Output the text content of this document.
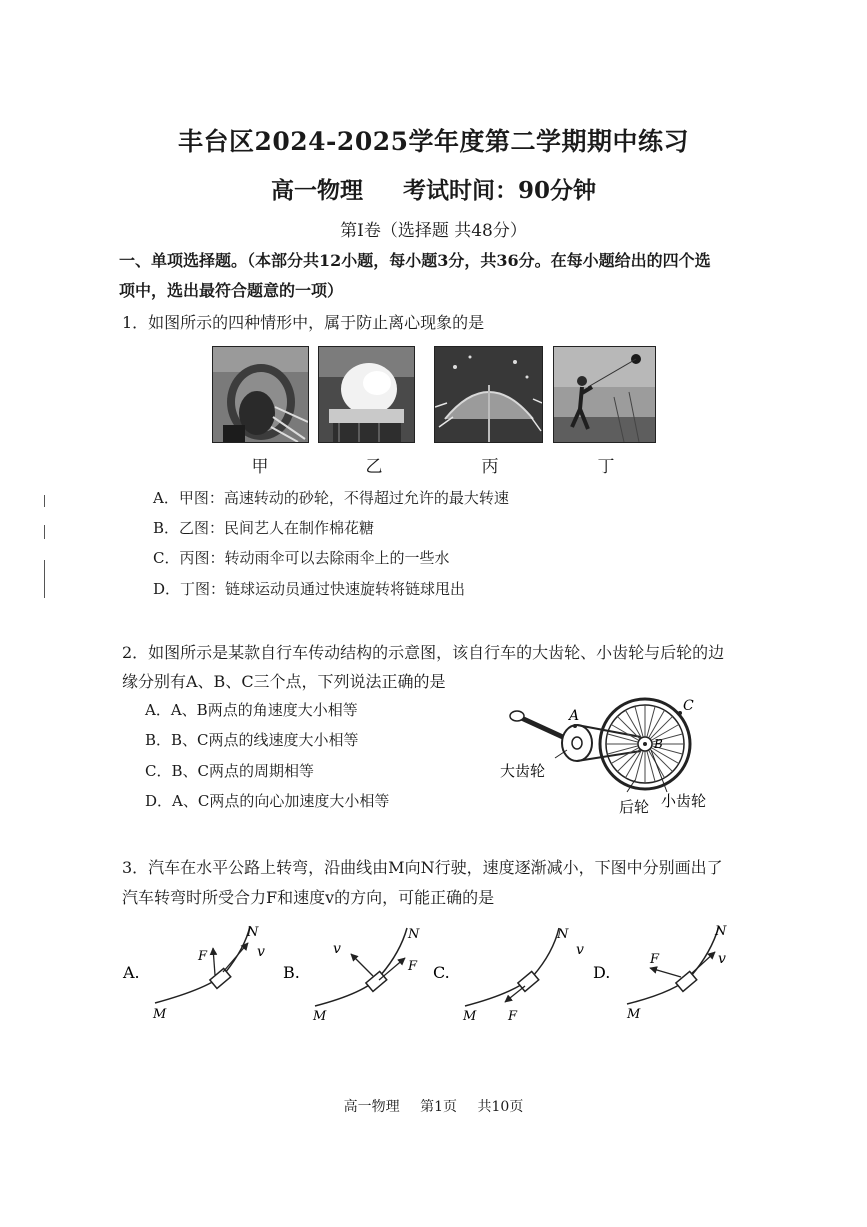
丰台区2024-2025学年度第二学期期中练习
高一物理 考试时间：90分钟
第Ⅰ卷（选择题 共48分）
一、单项选择题。（本部分共12小题，每小题3分，共36分。在每小题给出的四个选
项中，选出最符合题意的一项）
1．如图所示的四种情形中，属于防止离心现象的是
甲	乙	丙	丁
A．甲图：高速转动的砂轮，不得超过允许的最大转速
B．乙图：民间艺人在制作棉花糖
C．丙图：转动雨伞可以去除雨伞上的一些水
D．丁图：链球运动员通过快速旋转将链球甩出
2．如图所示是某款自行车传动结构的示意图，该自行车的大齿轮、小齿轮与后轮的边
缘分别有A、B、C三个点，下列说法正确的是
A．A、B两点的角速度大小相等
B．B、C两点的线速度大小相等
C．B、C两点的周期相等
D．A、C两点的向心加速度大小相等
A
B
C
大齿轮
后轮 小齿轮
3．汽车在水平公路上转弯，沿曲线由M向N行驶，速度逐渐减小，下图中分别画出了
汽车转弯时所受合力F和速度v的方向，可能正确的是
A.
F	v
N
M
B.
v
F
N
M
C.
v
N
M F
D.
F	v
N
M
高一物理 第1页 共10页
